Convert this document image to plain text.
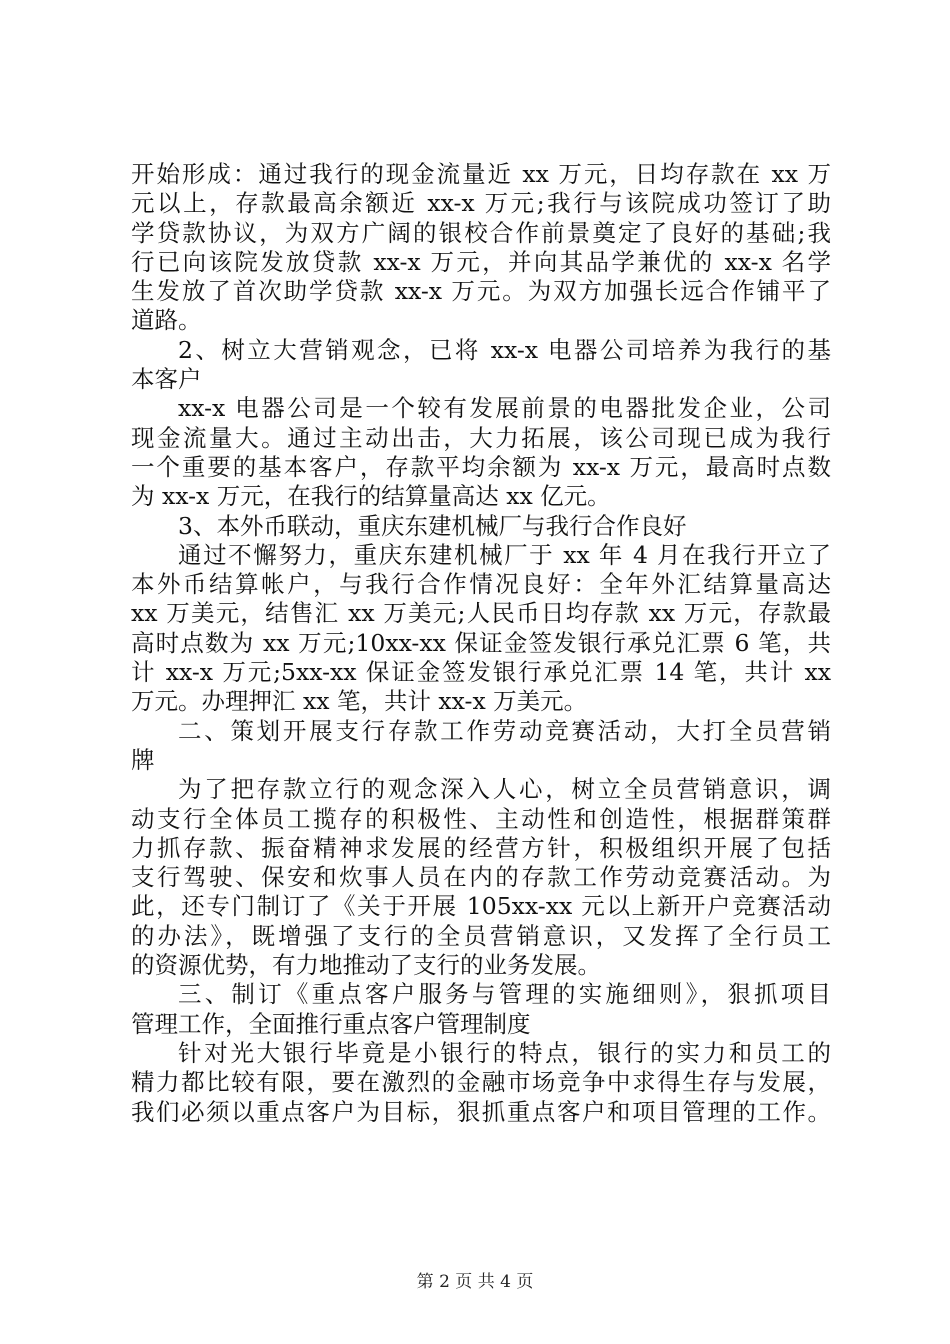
开始形成：通过我行的现金流量近 xx 万元，日均存款在 xx 万
元以上，存款最高余额近 xx-x 万元;我行与该院成功签订了助
学贷款协议，为双方广阔的银校合作前景奠定了良好的基础;我
行已向该院发放贷款 xx-x 万元，并向其品学兼优的 xx-x 名学
生发放了首次助学贷款 xx-x 万元。为双方加强长远合作铺平了
道路。
2、树立大营销观念，已将 xx-x 电器公司培养为我行的基
本客户
xx-x 电器公司是一个较有发展前景的电器批发企业，公司
现金流量大。通过主动出击，大力拓展，该公司现已成为我行
一个重要的基本客户，存款平均余额为 xx-x 万元，最高时点数
为 xx-x 万元，在我行的结算量高达 xx 亿元。
3、本外币联动，重庆东建机械厂与我行合作良好
通过不懈努力，重庆东建机械厂于 xx 年 4 月在我行开立了
本外币结算帐户，与我行合作情况良好：全年外汇结算量高达
xx 万美元，结售汇 xx 万美元;人民币日均存款 xx 万元，存款最
高时点数为 xx 万元;10xx-xx 保证金签发银行承兑汇票 6 笔，共
计 xx-x 万元;5xx-xx 保证金签发银行承兑汇票 14 笔，共计 xx
万元。办理押汇 xx 笔，共计 xx-x 万美元。
二、策划开展支行存款工作劳动竞赛活动，大打全员营销
牌
为了把存款立行的观念深入人心，树立全员营销意识，调
动支行全体员工揽存的积极性、主动性和创造性，根据群策群
力抓存款、振奋精神求发展的经营方针，积极组织开展了包括
支行驾驶、保安和炊事人员在内的存款工作劳动竞赛活动。为
此，还专门制订了《关于开展 105xx-xx 元以上新开户竞赛活动
的办法》，既增强了支行的全员营销意识，又发挥了全行员工
的资源优势，有力地推动了支行的业务发展。
三、制订《重点客户服务与管理的实施细则》，狠抓项目
管理工作，全面推行重点客户管理制度
针对光大银行毕竟是小银行的特点，银行的实力和员工的
精力都比较有限，要在激烈的金融市场竞争中求得生存与发展，
我们必须以重点客户为目标，狠抓重点客户和项目管理的工作。
第 2 页 共 4 页
